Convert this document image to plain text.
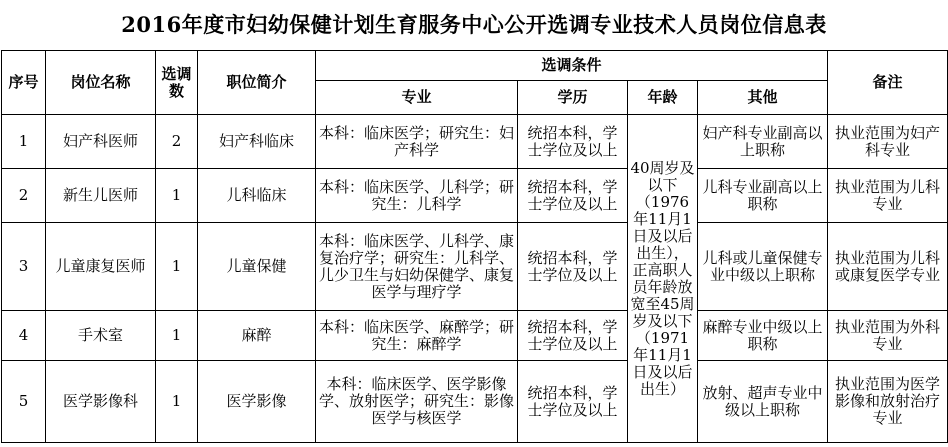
2016年度市妇幼保健计划生育服务中心公开选调专业技术人员岗位信息表
序号	岗位名称	选调数	职位简介	选调条件				备注
				专业	学历	年龄	其他	
1	妇产科医师	2	妇产科临床	本科：临床医学；研究生：妇产科学	统招本科，学士学位及以上	40周岁及以下（1976年11月1日及以后出生），正高职人员年龄放宽至45周岁及以下（1971年11月1日及以后出生）	妇产科专业副高以上职称	执业范围为妇产科专业
2	新生儿医师	1	儿科临床	本科：临床医学、儿科学；研究生：儿科学	统招本科，学士学位及以上		儿科专业副高以上职称	执业范围为儿科专业
3	儿童康复医师	1	儿童保健	本科：临床医学、儿科学、康复治疗学；研究生：儿科学、儿少卫生与妇幼保健学、康复医学与理疗学	统招本科，学士学位及以上		儿科或儿童保健专业中级以上职称	执业范围为儿科或康复医学专业
4	手术室	1	麻醉	本科：临床医学、麻醉学；研究生：麻醉学	统招本科，学士学位及以上		麻醉专业中级以上职称	执业范围为外科专业
5	医学影像科	1	医学影像	本科：临床医学、医学影像学、放射医学；研究生：影像医学与核医学	统招本科，学士学位及以上		放射、超声专业中级以上职称	执业范围为医学影像和放射治疗专业
